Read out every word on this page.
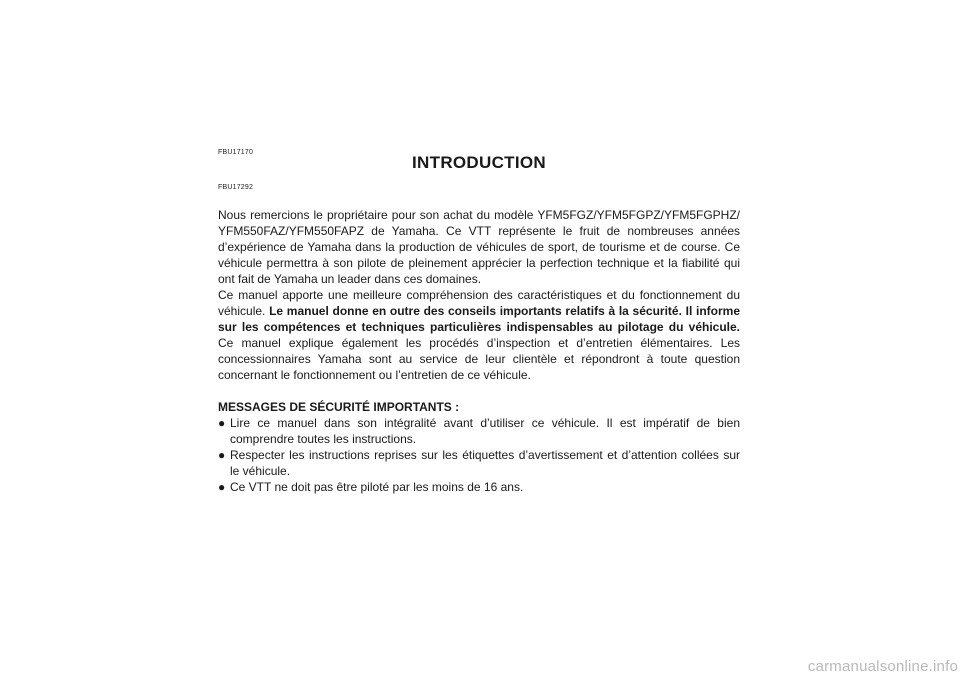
FBU17170
INTRODUCTION
FBU17292

Nous remercions le propriétaire pour son achat du modèle YFM5FGZ/YFM5FGPZ/YFM5FGPHZ/ YFM550FAZ/YFM550FAPZ de Yamaha. Ce VTT représente le fruit de nombreuses années d’expérience de Yamaha dans la production de véhicules de sport, de tourisme et de course. Ce véhicule permettra à son pilote de pleinement apprécier la perfection technique et la fiabilité qui ont fait de Yamaha un leader dans ces domaines.

Ce manuel apporte une meilleure compréhension des caractéristiques et du fonctionnement du véhicule. Le manuel donne en outre des conseils importants relatifs à la sécurité. Il informe sur les compétences et techniques particulières indispensables au pilotage du véhicule. Ce manuel explique également les procédés d’inspection et d’entretien élémentaires. Les concessionnaires Yamaha sont au service de leur clientèle et répondront à toute question concernant le fonctionnement ou l’entretien de ce véhicule.

MESSAGES DE SÉCURITÉ IMPORTANTS :

● Lire ce manuel dans son intégralité avant d’utiliser ce véhicule. Il est impératif de bien comprendre toutes les instructions.
● Respecter les instructions reprises sur les étiquettes d’avertissement et d’attention collées sur le véhicule.
● Ce VTT ne doit pas être piloté par les moins de 16 ans.
carmanualsonline.info
